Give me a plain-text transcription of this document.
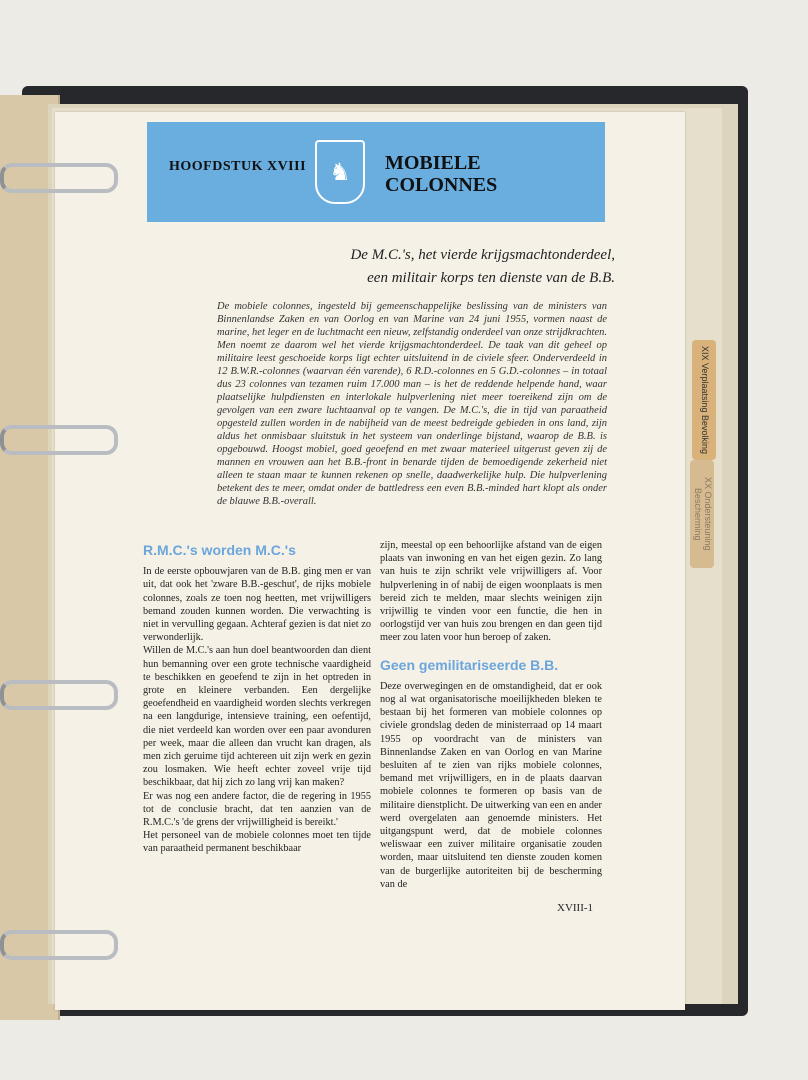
XIX Verplaatsing Bevolking
XX Ondersteuning Bescherming
HOOFDSTUK XVIII ♞	MOBIELE
COLONNES
De M.C.'s, het vierde krijgsmachtonderdeel,
een militair korps ten dienste van de B.B.
De mobiele colonnes, ingesteld bij gemeenschappelijke beslissing van de ministers van Binnenlandse Zaken en van Oorlog en van Marine van 24 juni 1955, vormen naast de marine, het leger en de luchtmacht een nieuw, zelfstandig onderdeel van onze strijdkrachten. Men noemt ze daarom wel het vierde krijgsmachtonderdeel. De taak van dit geheel op militaire leest geschoeide korps ligt echter uitsluitend in de civiele sfeer. Onderverdeeld in 12 B.W.R.-colonnes (waarvan één varende), 6 R.D.-colonnes en 5 G.D.-colonnes – in totaal dus 23 colonnes van tezamen ruim 17.000 man – is het de reddende helpende hand, waar plaatselijke hulpdiensten en interlokale hulpverlening niet meer toereikend zijn om de gevolgen van een zware luchtaanval op te vangen. De M.C.'s, die in tijd van paraatheid opgesteld zullen worden in de nabijheid van de meest bedreigde gebieden in ons land, zijn aldus het onmisbaar sluitstuk in het systeem van onderlinge bijstand, waarop de B.B. is opgebouwd. Hoogst mobiel, goed geoefend en met zwaar materieel uitgerust geven zij de mannen en vrouwen aan het B.B.-front in benarde tijden de bemoedigende zekerheid niet alleen te staan maar te kunnen rekenen op snelle, daadwerkelijke hulp. Die hulpverlening betekent des te meer, omdat onder de battledress een even B.B.-minded hart klopt als onder de blauwe B.B.-overall.
R.M.C.'s worden M.C.'s

In de eerste opbouwjaren van de B.B. ging men er van uit, dat ook het 'zware B.B.-geschut', de rijks mobiele colonnes, zoals ze toen nog heetten, met vrijwilligers bemand zouden kunnen worden. Die verwachting is niet in vervulling gegaan. Achteraf gezien is dat niet zo verwonderlijk.

Willen de M.C.'s aan hun doel beantwoorden dan dient hun bemanning over een grote technische vaardigheid te beschikken en geoefend te zijn in het optreden in grote en kleinere verbanden. Een dergelijke geoefendheid en vaardigheid worden slechts verkregen na een langdurige, intensieve training, een oefentijd, die niet verdeeld kan worden over een paar avonduren per week, maar die alleen dan vrucht kan dragen, als men zich geruime tijd achtereen uit zijn werk en gezin zou losmaken. Wie heeft echter zoveel vrije tijd beschikbaar, dat hij zich zo lang vrij kan maken?

Er was nog een andere factor, die de regering in 1955 tot de conclusie bracht, dat ten aanzien van de R.M.C.'s 'de grens der vrijwilligheid is bereikt.'

Het personeel van de mobiele colonnes moet ten tijde van paraatheid permanent beschikbaar

zijn, meestal op een behoorlijke afstand van de eigen plaats van inwoning en van het eigen gezin. Zo lang van huis te zijn schrikt vele vrijwilligers af. Voor hulpverlening in of nabij de eigen woonplaats is men bereid zich te melden, maar slechts weinigen zijn vrijwillig te vinden voor een functie, die hen in oorlogstijd ver van huis zou brengen en dan geen tijd meer zou laten voor hun beroep of zaken.

Geen gemilitariseerde B.B.

Deze overwegingen en de omstandigheid, dat er ook nog al wat organisatorische moeilijkheden bleken te bestaan bij het formeren van mobiele colonnes op civiele grondslag deden de ministerraad op 14 maart 1955 op voordracht van de ministers van Binnenlandse Zaken en van Oorlog en van Marine besluiten af te zien van rijks mobiele colonnes, bemand met vrijwilligers, en in de plaats daarvan mobiele colonnes te formeren op basis van de militaire dienstplicht. De uitwerking van een en ander werd overgelaten aan genoemde ministers. Het uitgangspunt werd, dat de mobiele colonnes weliswaar een zuiver militaire organisatie zouden worden, maar uitsluitend ten dienste zouden komen van de burgerlijke autoriteiten bij de bescherming van de

XVIII-1
